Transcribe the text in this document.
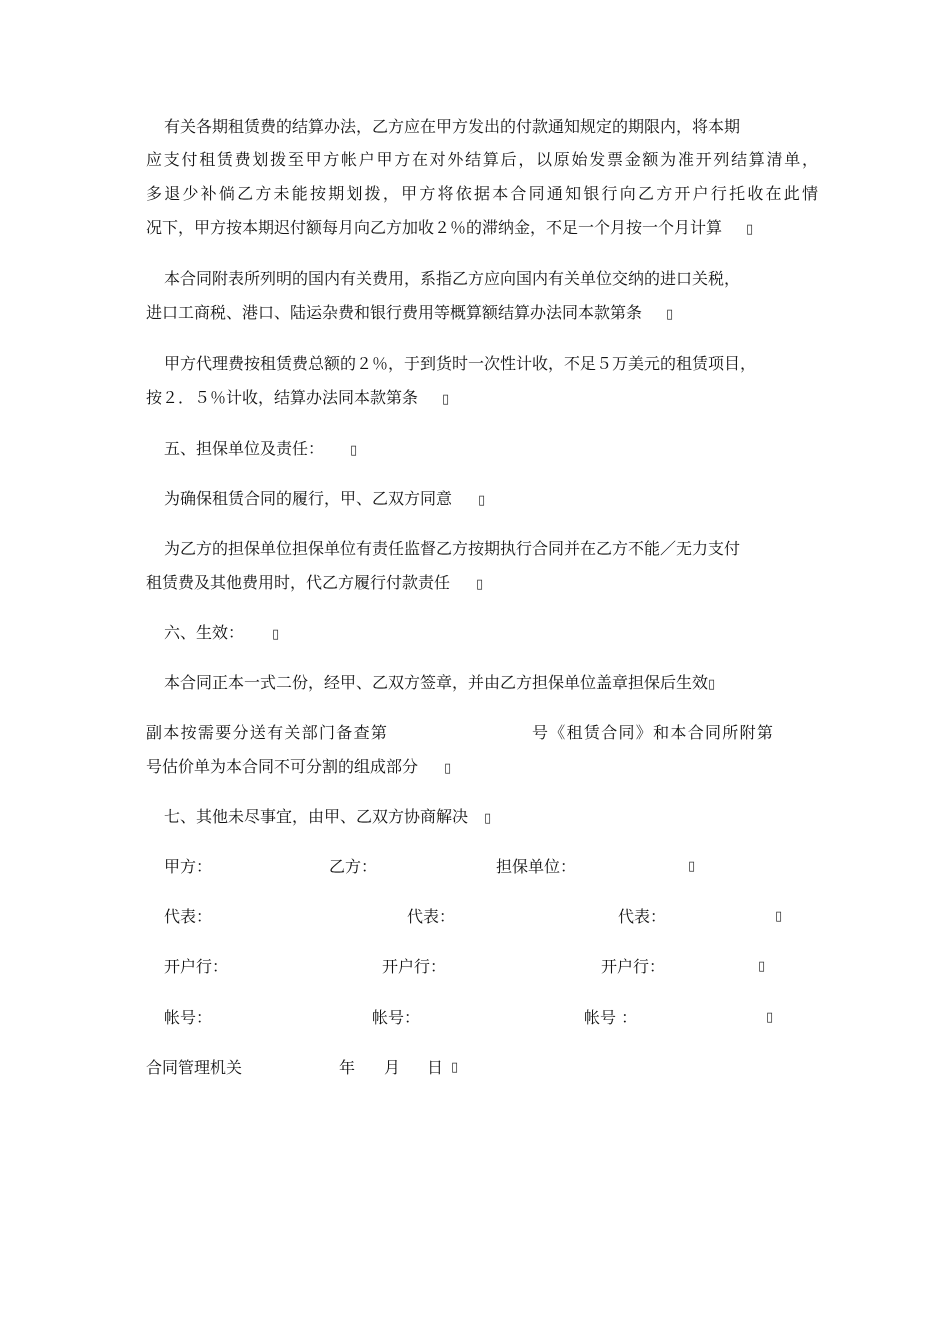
有关各期租赁费的结算办法，乙方应在甲方发出的付款通知规定的期限内，将本期
应支付租赁费划拨至甲方帐户甲方在对外结算后，以原始发票金额为准开列结算清单，
多退少补倘乙方未能按期划拨，甲方将依据本合同通知银行向乙方开户行托收在此情
况下，甲方按本期迟付额每月向乙方加收２％的滞纳金，不足一个月按一个月计算 ▯
本合同附表所列明的国内有关费用，系指乙方应向国内有关单位交纳的进口关税，
进口工商税、港口、陆运杂费和银行费用等概算额结算办法同本款第条 ▯
甲方代理费按租赁费总额的２％，于到货时一次性计收，不足５万美元的租赁项目，
按２．５％计收，结算办法同本款第条 ▯
五、担保单位及责任： ▯
为确保租赁合同的履行，甲、乙双方同意 ▯
为乙方的担保单位担保单位有责任监督乙方按期执行合同并在乙方不能／无力支付
租赁费及其他费用时，代乙方履行付款责任 ▯
六、生效： ▯
本合同正本一式二份，经甲、乙双方签章，并由乙方担保单位盖章担保后生效▯
副本按需要分送有关部门备查第	号《租赁合同》和本合同所附第
号估价单为本合同不可分割的组成部分 ▯
七、其他未尽事宜，由甲、乙双方协商解决 ▯
甲方：	乙方：	担保单位：	▯
代表：	代表：	代表：	▯
开户行：	开户行：	开户行：	▯
帐号：	帐号：	帐号 ：	▯
合同管理机关	年 月 日 ▯
